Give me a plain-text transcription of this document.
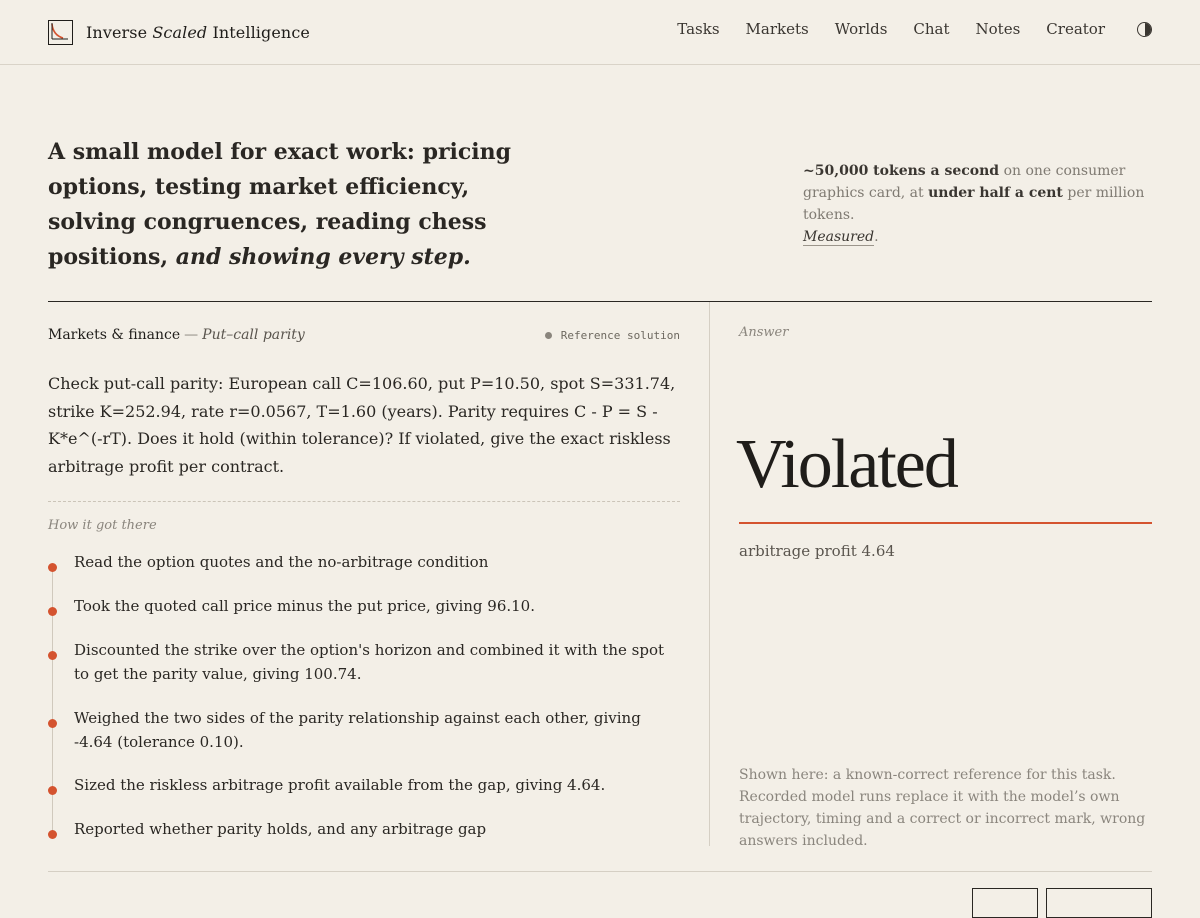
Inverse Scaled Intelligence	Tasks Markets Worlds Chat Notes Creator
A small model for exact work: pricing options, testing market efficiency, solving congruences, reading chess positions, and showing every step.

~50,000 tokens a second on one consumer graphics card, at under half a cent per million tokens.
Measured.

Markets & finance — Put–call parity	Reference solution

Check put-call parity: European call C=106.60, put P=10.50, spot S=331.74, strike K=252.94, rate r=0.0567, T=1.60 (years). Parity requires C - P = S - K*e^(-rT). Does it hold (within tolerance)? If violated, give the exact riskless arbitrage profit per contract.

How it got there
Read the option quotes and the no-arbitrage condition
Took the quoted call price minus the put price, giving 96.10.
Discounted the strike over the option's horizon and combined it with the spot to get the parity value, giving 100.74.
Weighed the two sides of the parity relationship against each other, giving -4.64 (tolerance 0.10).
Sized the riskless arbitrage profit available from the gap, giving 4.64.
Reported whether parity holds, and any arbitrage gap
Answer
Violated
arbitrage profit 4.64

Shown here: a known-correct reference for this task. Recorded model runs replace it with the model’s own trajectory, timing and a correct or incorrect mark, wrong answers included.
